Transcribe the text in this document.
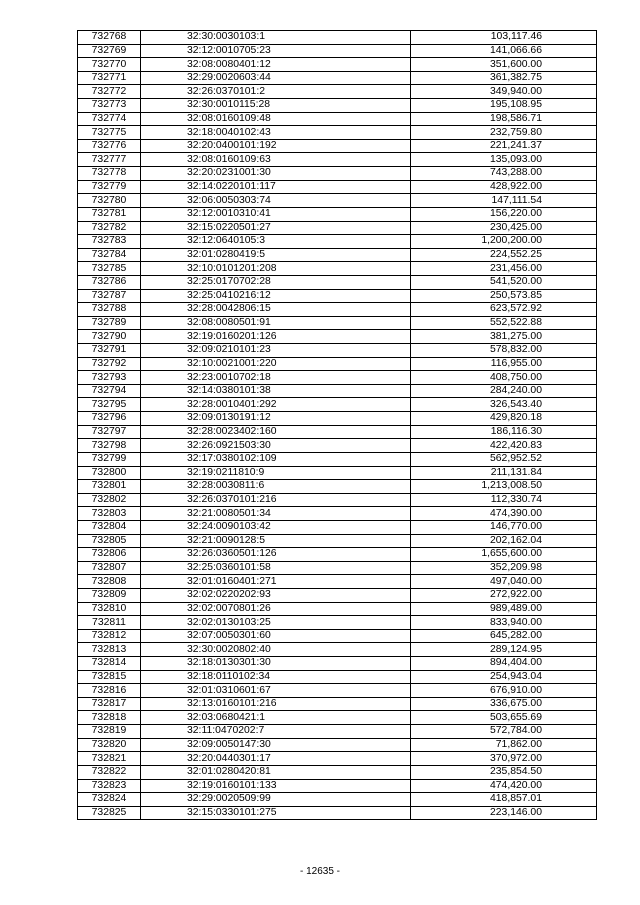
732768	32:30:0030103:1	103,117.46
732769	32:12:0010705:23	141,066.66
732770	32:08:0080401:12	351,600.00
732771	32:29:0020603:44	361,382.75
732772	32:26:0370101:2	349,940.00
732773	32:30:0010115:28	195,108.95
732774	32:08:0160109:48	198,586.71
732775	32:18:0040102:43	232,759.80
732776	32:20:0400101:192	221,241.37
732777	32:08:0160109:63	135,093.00
732778	32:20:0231001:30	743,288.00
732779	32:14:0220101:117	428,922.00
732780	32:06:0050303:74	147,111.54
732781	32:12:0010310:41	156,220.00
732782	32:15:0220501:27	230,425.00
732783	32:12:0640105:3	1,200,200.00
732784	32:01:0280419:5	224,552.25
732785	32:10:0101201:208	231,456.00
732786	32:25:0170702:28	541,520.00
732787	32:25:0410216:12	250,573.85
732788	32:28:0042806:15	623,572.92
732789	32:08:0080501:91	552,522.88
732790	32:19:0160201:126	381,275.00
732791	32:09:0210101:23	578,832.00
732792	32:10:0021001:220	116,955.00
732793	32:23:0010702:18	408,750.00
732794	32:14:0380101:38	284,240.00
732795	32:28:0010401:292	326,543.40
732796	32:09:0130191:12	429,820.18
732797	32:28:0023402:160	186,116.30
732798	32:26:0921503:30	422,420.83
732799	32:17:0380102:109	562,952.52
732800	32:19:0211810:9	211,131.84
732801	32:28:0030811:6	1,213,008.50
732802	32:26:0370101:216	112,330.74
732803	32:21:0080501:34	474,390.00
732804	32:24:0090103:42	146,770.00
732805	32:21:0090128:5	202,162.04
732806	32:26:0360501:126	1,655,600.00
732807	32:25:0360101:58	352,209.98
732808	32:01:0160401:271	497,040.00
732809	32:02:0220202:93	272,922.00
732810	32:02:0070801:26	989,489.00
732811	32:02:0130103:25	833,940.00
732812	32:07:0050301:60	645,282.00
732813	32:30:0020802:40	289,124.95
732814	32:18:0130301:30	894,404.00
732815	32:18:0110102:34	254,943.04
732816	32:01:0310601:67	676,910.00
732817	32:13:0160101:216	336,675.00
732818	32:03:0680421:1	503,655.69
732819	32:11:0470202:7	572,784.00
732820	32:09:0050147:30	71,862.00
732821	32:20:0440301:17	370,972.00
732822	32:01:0280420:81	235,854.50
732823	32:19:0160101:133	474,420.00
732824	32:29:0020509:99	418,857.01
732825	32:15:0330101:275	223,146.00
- 12635 -
